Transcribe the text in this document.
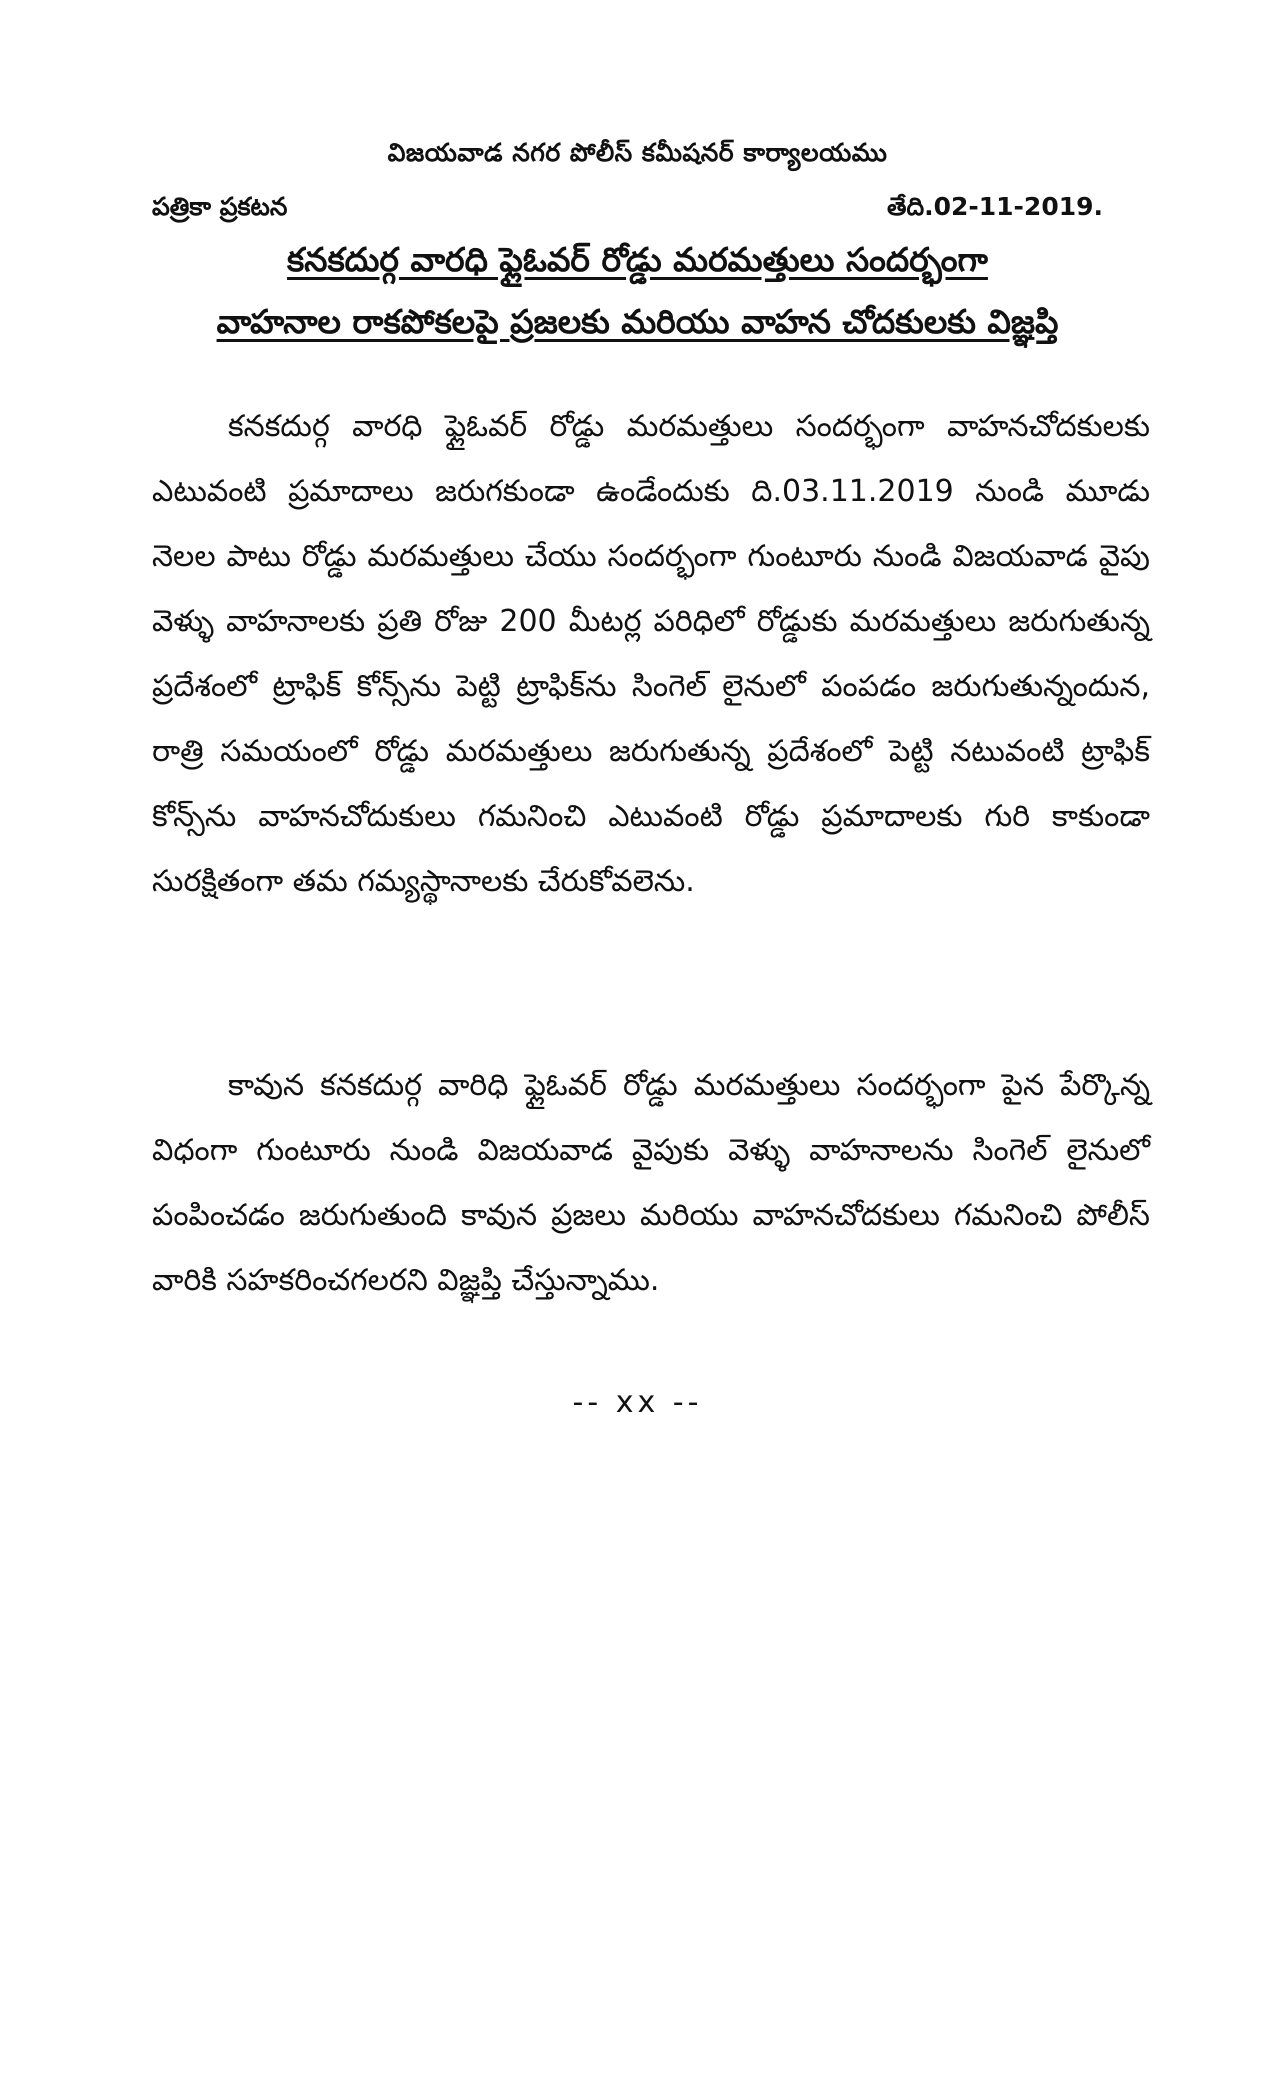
విజయవాడ నగర పోలీస్ కమీషనర్ కార్యాలయము
పత్రికా ప్రకటన	తేది.02-11-2019.
కనకదుర్గ వారధి ఫ్లైఓవర్ రోడ్డు మరమత్తులు సందర్భంగా
వాహనాల రాకపోకలపై ప్రజలకు మరియు వాహన చోదకులకు విజ్ఞప్తి

కనకదుర్గ వారధి ఫ్లైఓవర్ రోడ్డు మరమత్తులు సందర్భంగా వాహనచోదకులకు ఎటువంటి ప్రమాదాలు జరుగకుండా ఉండేందుకు ది.03.11.2019 నుండి మూడు నెలల పాటు రోడ్డు మరమత్తులు చేయు సందర్భంగా గుంటూరు నుండి విజయవాడ వైపు వెళ్ళు వాహనాలకు ప్రతి రోజు 200 మీటర్ల పరిధిలో రోడ్డుకు మరమత్తులు జరుగుతున్న ప్రదేశంలో ట్రాఫిక్ కోన్స్‌ను పెట్టి ట్రాఫిక్‌ను సింగెల్ లైనులో పంపడం జరుగుతున్నందున, రాత్రి సమయంలో రోడ్డు మరమత్తులు జరుగుతున్న ప్రదేశంలో పెట్టి నటువంటి ట్రాఫిక్ కోన్స్‌ను వాహనచోదుకులు గమనించి ఎటువంటి రోడ్డు ప్రమాదాలకు గురి కాకుండా సురక్షితంగా తమ గమ్యస్థానాలకు చేరుకోవలెను.

కావున కనకదుర్గ వారిధి ఫ్లైఓవర్ రోడ్డు మరమత్తులు సందర్భంగా పైన పేర్కొన్న విధంగా గుంటూరు నుండి విజయవాడ వైపుకు వెళ్ళు వాహనాలను సింగెల్ లైనులో పంపించడం జరుగుతుంది కావున ప్రజలు మరియు వాహనచోదకులు గమనించి పోలీస్ వారికి సహకరించగలరని విజ్ఞప్తి చేస్తున్నాము.

-- xx --
